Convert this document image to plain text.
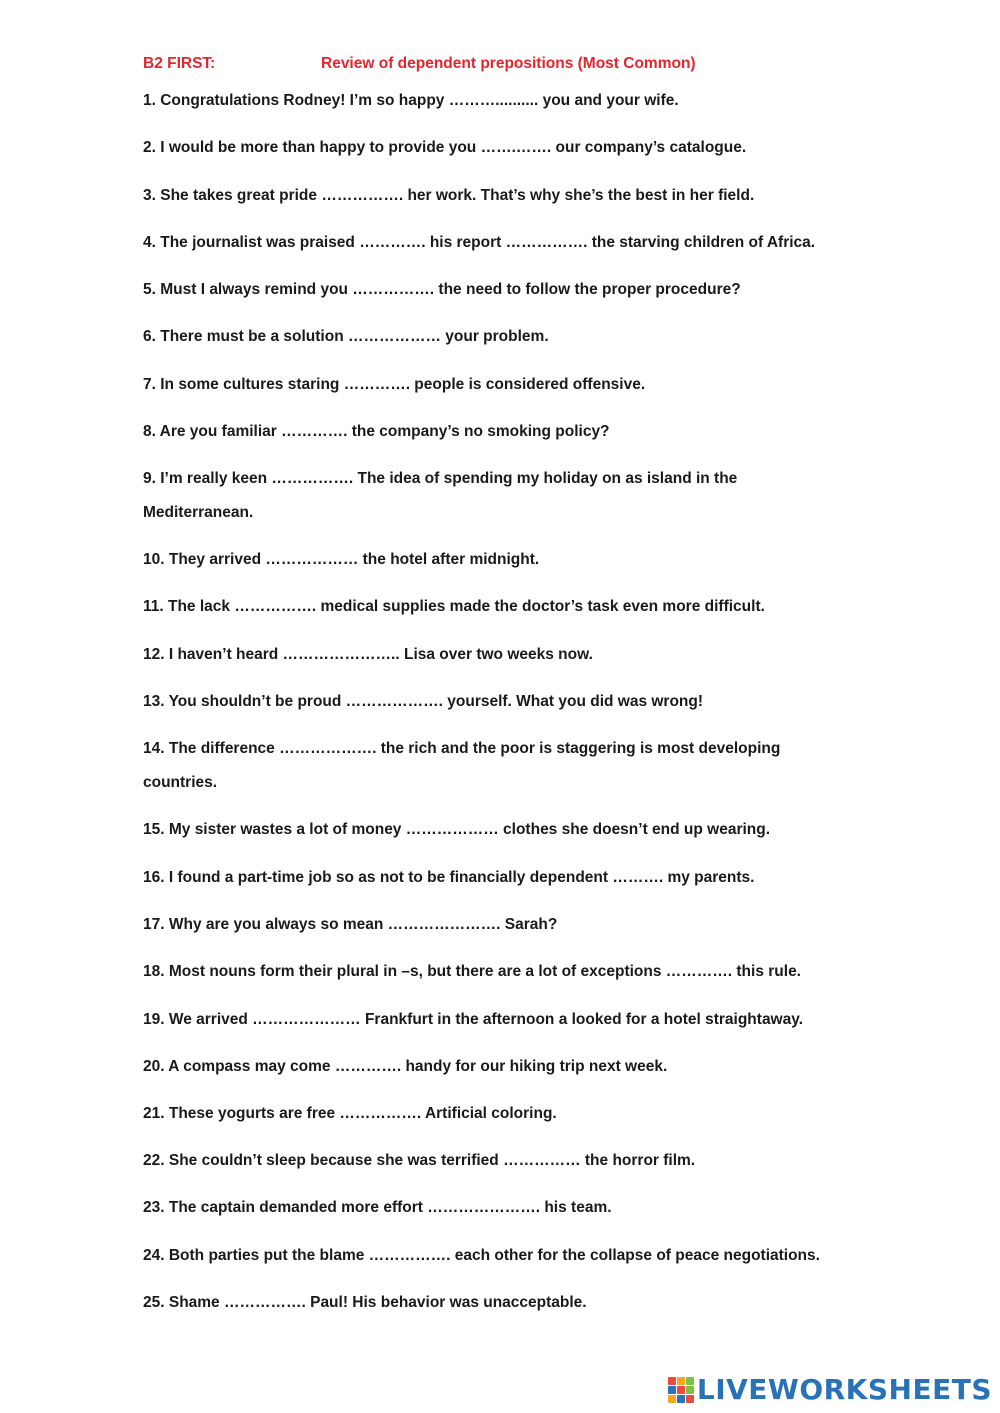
B2 FIRST:	Review of dependent prepositions (Most Common)
1. Congratulations Rodney! I’m so happy ……….......... you and your wife.
2. I would be more than happy to provide you …….……. our company’s catalogue.
3. She takes great pride ……………. her work. That’s why she’s the best in her field.
4. The journalist was praised …………. his report ……………. the starving children of Africa.
5. Must I always remind you ……………. the need to follow the proper procedure?
6. There must be a solution ……………… your problem.
7. In some cultures staring …………. people is considered offensive.
8. Are you familiar …………. the company’s no smoking policy?
9. I’m really keen ……………. The idea of spending my holiday on as island in the Mediterranean.
10. They arrived ……………… the hotel after midnight.
11. The lack ……………. medical supplies made the doctor’s task even more difficult.
12. I haven’t heard ………………….. Lisa over two weeks now.
13. You shouldn’t be proud ………………. yourself. What you did was wrong!
14. The difference ………………. the rich and the poor is staggering is most developing countries.
15. My sister wastes a lot of money ……………… clothes she doesn’t end up wearing.
16. I found a part-time job so as not to be financially dependent ………. my parents.
17. Why are you always so mean …………………. Sarah?
18. Most nouns form their plural in –s, but there are a lot of exceptions …………. this rule.
19. We arrived ………………… Frankfurt in the afternoon a looked for a hotel straightaway.
20. A compass may come …………. handy for our hiking trip next week.
21. These yogurts are free ……………. Artificial coloring.
22. She couldn’t sleep because she was terrified …………… the horror film.
23. The captain demanded more effort …………………. his team.
24. Both parties put the blame ……………. each other for the collapse of peace negotiations.
25. Shame ……………. Paul! His behavior was unacceptable.
LIVEWORKSHEETS
